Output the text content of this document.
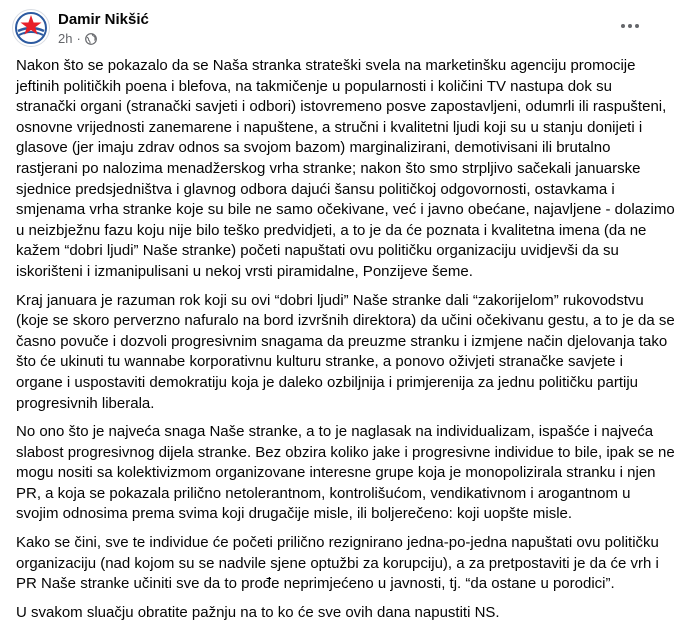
Damir Nikšić
2h ·
Nakon što se pokazalo da se Naša stranka strateški svela na marketinšku agenciju promocije
jeftinih političkih poena i blefova, na takmičenje u popularnosti i količini TV nastupa dok su
stranački organi (stranački savjeti i odbori) istovremeno posve zapostavljeni, odumrli ili raspušteni,
osnovne vrijednosti zanemarene i napuštene, a stručni i kvalitetni ljudi koji su u stanju donijeti i
glasove (jer imaju zdrav odnos sa svojom bazom) marginalizirani, demotivisani ili brutalno
rastjerani po nalozima menadžerskog vrha stranke; nakon što smo strpljivo sačekali januarske
sjednice predsjedništva i glavnog odbora dajući šansu političkoj odgovornosti, ostavkama i
smjenama vrha stranke koje su bile ne samo očekivane, već i javno obećane, najavljene - dolazimo
u neizbježnu fazu koju nije bilo teško predvidjeti, a to je da će poznata i kvalitetna imena (da ne
kažem “dobri ljudi” Naše stranke) početi napuštati ovu političku organizaciju uvidjevši da su
iskorišteni i izmanipulisani u nekoj vrsti piramidalne, Ponzijeve šeme.
Kraj januara je razuman rok koji su ovi “dobri ljudi” Naše stranke dali “zakorijelom” rukovodstvu
(koje se skoro perverzno nafuralo na bord izvršnih direktora) da učini očekivanu gestu, a to je da se
časno povuče i dozvoli progresivnim snagama da preuzme stranku i izmjene način djelovanja tako
što će ukinuti tu wannabe korporativnu kulturu stranke, a ponovo oživjeti stranačke savjete i
organe i uspostaviti demokratiju koja je daleko ozbiljnija i primjerenija za jednu političku partiju
progresivnih liberala.
No ono što je najveća snaga Naše stranke, a to je naglasak na individualizam, ispašće i najveća
slabost progresivnog dijela stranke. Bez obzira koliko jake i progresivne individue to bile, ipak se ne
mogu nositi sa kolektivizmom organizovane interesne grupe koja je monopolizirala stranku i njen
PR, a koja se pokazala prilično netolerantnom, kontrolišućom, vendikativnom i arogantnom u
svojim odnosima prema svima koji drugačije misle, ili boljerečeno: koji uopšte misle.
Kako se čini, sve te individue će početi prilično rezignirano jedna-po-jedna napuštati ovu političku
organizaciju (nad kojom su se nadvile sjene optužbi za korupciju), a za pretpostaviti je da će vrh i
PR Naše stranke učiniti sve da to prođe neprimjećeno u javnosti, tj. “da ostane u porodici”.
U svakom sluačju obratite pažnju na to ko će sve ovih dana napustiti NS.
